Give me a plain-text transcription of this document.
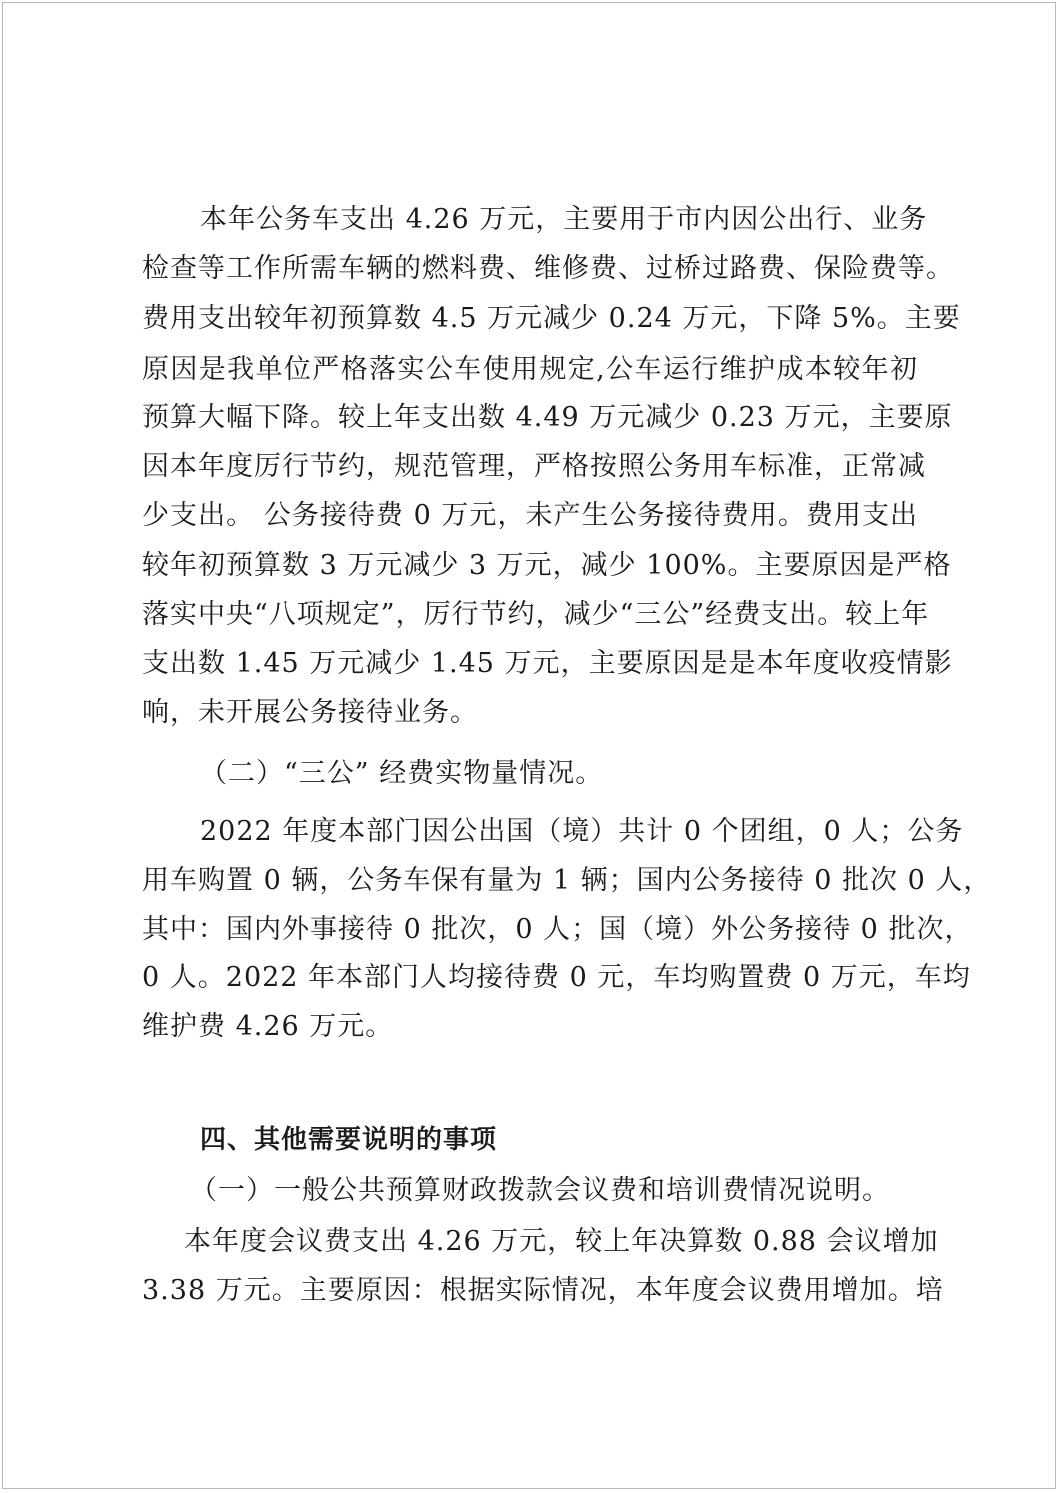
本年公务车支出 4.26 万元，主要用于市内因公出行、业务
检查等工作所需车辆的燃料费、维修费、过桥过路费、保险费等。
费用支出较年初预算数 4.5 万元减少 0.24 万元，下降 5%。主要
原因是我单位严格落实公车使用规定,公车运行维护成本较年初
预算大幅下降。较上年支出数 4.49 万元减少 0.23 万元，主要原
因本年度厉行节约，规范管理，严格按照公务用车标准，正常减
少支出。 公务接待费 0 万元，未产生公务接待费用。费用支出
较年初预算数 3 万元减少 3 万元，减少 100%。主要原因是严格
落实中央“八项规定”，厉行节约，减少“三公”经费支出。较上年
支出数 1.45 万元减少 1.45 万元，主要原因是是本年度收疫情影
响，未开展公务接待业务。
（二）“三公” 经费实物量情况。
2022 年度本部门因公出国（境）共计 0 个团组，0 人；公务
用车购置 0 辆，公务车保有量为 1 辆；国内公务接待 0 批次 0 人，
其中：国内外事接待 0 批次，0 人；国（境）外公务接待 0 批次，
0 人。2022 年本部门人均接待费 0 元，车均购置费 0 万元，车均
维护费 4.26 万元。
四、其他需要说明的事项
（一）一般公共预算财政拨款会议费和培训费情况说明。
本年度会议费支出 4.26 万元，较上年决算数 0.88 会议增加
3.38 万元。主要原因：根据实际情况，本年度会议费用增加。培
